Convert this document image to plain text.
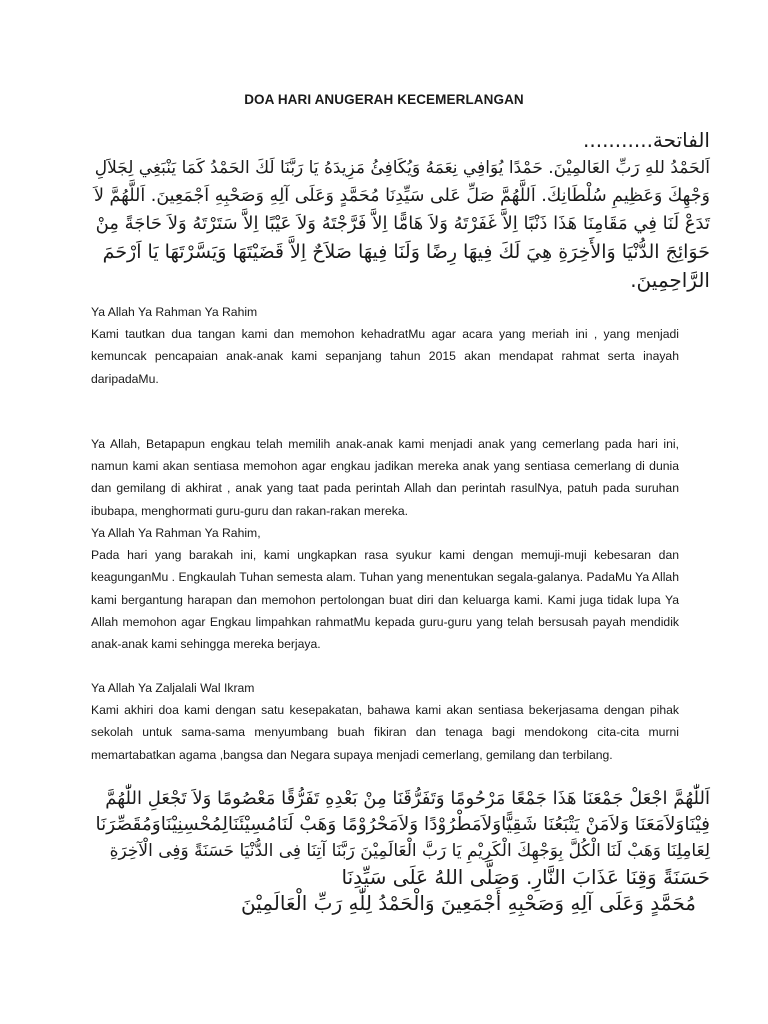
DOA HARI ANUGERAH KECEMERLANGAN
الفاتحة...........
اَلحَمْدُ للهِ رَبِّ العَالمِيْنَ. حَمْدًا يُوَافِي نِعَمَهُ وَيُكَافِئُ مَزِيدَهُ يَا رَبَّنَا لَكَ الحَمْدُ كَمَا يَنْبَغِي لِجَلاَلِ
وَجْهِكَ وَعَظِيمِ سُلْطَانِكَ. اَللَّهُمَّ صَلِّ عَلى سَيِّدِنَا مُحَمَّدٍ وَعَلَى آلِهِ وَصَحْبِهِ اَجْمَعِينَ. اَللَّهُمَّ لاَ
تَدَعْ لَنَا فِي مَقَامِنَا هَذَا ذَنْبًا اِلاَّ غَفَرْتَهُ وَلاَ هَامًّا اِلاَّ فَرَّجْتَهُ وَلاَ عَيْبًا اِلاَّ سَتَرْتَهُ وَلاَ حَاجَةً مِنْ
حَوَائِجَ الدُّنْيَا وَالأَخِرَةِ هِيَ لَكَ فِيهَا رِضًا وَلَنَا فِيهَا صَلاَحٌ اِلاَّ قَضَيْتَهَا وَيَسَّرْتَهَا يَا اَرْحَمَ
الرَّاحِمِينَ.
Ya Allah Ya Rahman Ya Rahim
Kami tautkan dua tangan kami dan memohon kehadratMu agar acara yang meriah ini , yang menjadi kemuncak pencapaian anak-anak kami sepanjang tahun 2015 akan mendapat rahmat serta inayah daripadaMu.
Ya Allah, Betapapun engkau telah memilih anak-anak kami menjadi anak yang cemerlang pada hari ini, namun kami akan sentiasa memohon agar engkau jadikan mereka anak yang sentiasa cemerlang di dunia dan gemilang di akhirat , anak yang taat pada perintah Allah dan perintah rasulNya, patuh pada suruhan ibubapa, menghormati guru-guru dan rakan-rakan mereka.
Ya Allah Ya Rahman Ya Rahim,
Pada hari yang barakah ini, kami ungkapkan rasa syukur kami dengan memuji-muji kebesaran dan keagunganMu . Engkaulah Tuhan semesta alam. Tuhan yang menentukan segala-galanya. PadaMu Ya Allah kami bergantung harapan dan memohon pertolongan buat diri dan keluarga kami. Kami juga tidak lupa Ya Allah memohon agar Engkau limpahkan rahmatMu kepada guru-guru yang telah bersusah payah mendidik anak-anak kami sehingga mereka berjaya.
Ya Allah Ya Zaljalali Wal Ikram
Kami akhiri doa kami dengan satu kesepakatan, bahawa kami akan sentiasa bekerjasama dengan pihak sekolah untuk sama-sama menyumbang buah fikiran dan tenaga bagi mendokong cita-cita murni memartabatkan agama ,bangsa dan Negara supaya menjadi cemerlang, gemilang dan terbilang.
اَللّٰهُمَّ اجْعَلْ جَمْعَنَا هَذَا جَمْعًا مَرْحُومًا وَتَفَرُّقَنَا مِنْ بَعْدِهِ تَفَرُّقًا مَعْصُومًا وَلاَ تَجْعَلِ اللّٰهُمَّ
فِيْنَاوَلاَمَعَنَا وَلاَمَنْ يَتْبَعُنَا شَقِيًّاوَلاَمَطْرُوْدًا وَلاَمَحْرُوْمًا وَهَبْ لَنَامُسِيْئَنَالِمُحْسِنِيْنَاوَمُقَصِّرَنَا
لِعَامِلِنَا وَهَبْ لَنَا الْكُلَّ بِوَجْهِكَ الْكَرِيْمِ يَا رَبَّ الْعَالَمِيْنَ رَبَّنَا آتِنَا فِى الدُّنْيَا حَسَنَةً وَفِى الْآخِرَةِ
حَسَنَةً وَقِنَا عَذَابَ النَّارِ. وَصَلَّى اللهُ عَلَى سَيِّدِنَا
مُحَمَّدٍ وَعَلَى آلِهِ وَصَحْبِهِ أَجْمَعِينَ وَالْحَمْدُ لِلّٰهِ رَبِّ الْعَالَمِيْنَ
